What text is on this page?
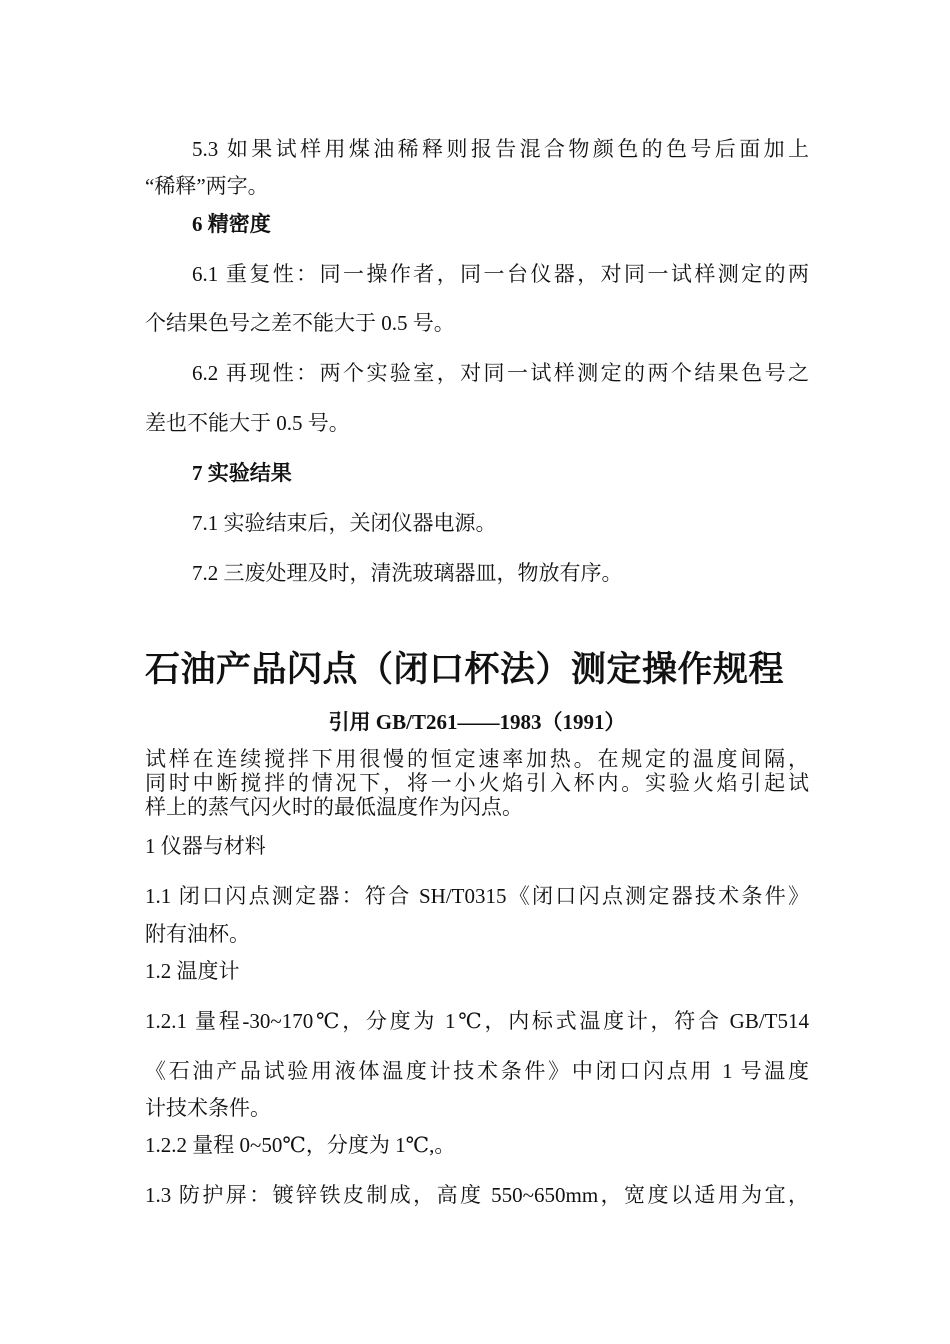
5.3 如果试样用煤油稀释则报告混合物颜色的色号后面加上
“稀释”两字。
6 精密度
6.1 重复性：同一操作者，同一台仪器，对同一试样测定的两
个结果色号之差不能大于 0.5 号。
6.2 再现性：两个实验室，对同一试样测定的两个结果色号之
差也不能大于 0.5 号。
7 实验结果
7.1 实验结束后，关闭仪器电源。
7.2 三废处理及时，清洗玻璃器皿，物放有序。
石油产品闪点（闭口杯法）测定操作规程
引用 GB/T261——1983（1991）
试样在连续搅拌下用很慢的恒定速率加热。在规定的温度间隔，
同时中断搅拌的情况下，将一小火焰引入杯内。实验火焰引起试
样上的蒸气闪火时的最低温度作为闪点。
1 仪器与材料
1.1 闭口闪点测定器：符合 SH/T0315《闭口闪点测定器技术条件》
附有油杯。
1.2 温度计
1.2.1 量程-30~170℃，分度为 1℃，内标式温度计，符合 GB/T514
《石油产品试验用液体温度计技术条件》中闭口闪点用 1 号温度
计技术条件。
1.2.2 量程 0~50℃，分度为 1℃,。
1.3 防护屏：镀锌铁皮制成，高度 550~650mm，宽度以适用为宜，
